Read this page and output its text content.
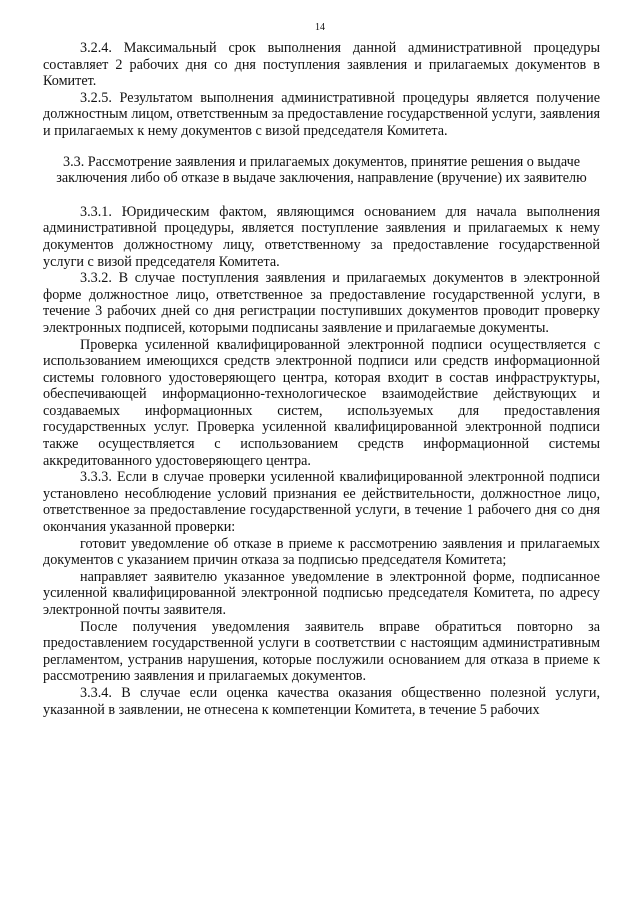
14

3.2.4. Максимальный срок выполнения данной административной процедуры составляет 2 рабочих дня со дня поступления заявления и прилагаемых документов в Комитет.

3.2.5. Результатом выполнения административной процедуры является получение должностным лицом, ответственным за предоставление государственной услуги, заявления и прилагаемых к нему документов с визой председателя Комитета.

3.3. Рассмотрение заявления и прилагаемых документов, принятие решения о выдаче заключения либо об отказе в выдаче заключения, направление (вручение) их заявителю

3.3.1. Юридическим фактом, являющимся основанием для начала выполнения административной процедуры, является поступление заявления и прилагаемых к нему документов должностному лицу, ответственному за предоставление государственной услуги с визой председателя Комитета.

3.3.2. В случае поступления заявления и прилагаемых документов в электронной форме должностное лицо, ответственное за предоставление государственной услуги, в течение 3 рабочих дней со дня регистрации поступивших документов проводит проверку электронных подписей, которыми подписаны заявление и прилагаемые документы.

Проверка усиленной квалифицированной электронной подписи осуществляется с использованием имеющихся средств электронной подписи или средств информационной системы головного удостоверяющего центра, которая входит в состав инфраструктуры, обеспечивающей информационно-технологическое взаимодействие действующих и создаваемых информационных систем, используемых для предоставления государственных услуг. Проверка усиленной квалифицированной электронной подписи также осуществляется с использованием средств информационной системы аккредитованного удостоверяющего центра.

3.3.3. Если в случае проверки усиленной квалифицированной электронной подписи установлено несоблюдение условий признания ее действительности, должностное лицо, ответственное за предоставление государственной услуги, в течение 1 рабочего дня со дня окончания указанной проверки:

готовит уведомление об отказе в приеме к рассмотрению заявления и прилагаемых документов с указанием причин отказа за подписью председателя Комитета;

направляет заявителю указанное уведомление в электронной форме, подписанное усиленной квалифицированной электронной подписью председателя Комитета, по адресу электронной почты заявителя.

После получения уведомления заявитель вправе обратиться повторно за предоставлением государственной услуги в соответствии с настоящим административным регламентом, устранив нарушения, которые послужили основанием для отказа в приеме к рассмотрению заявления и прилагаемых документов.

3.3.4. В случае если оценка качества оказания общественно полезной услуги, указанной в заявлении, не отнесена к компетенции Комитета, в течение 5 рабочих
